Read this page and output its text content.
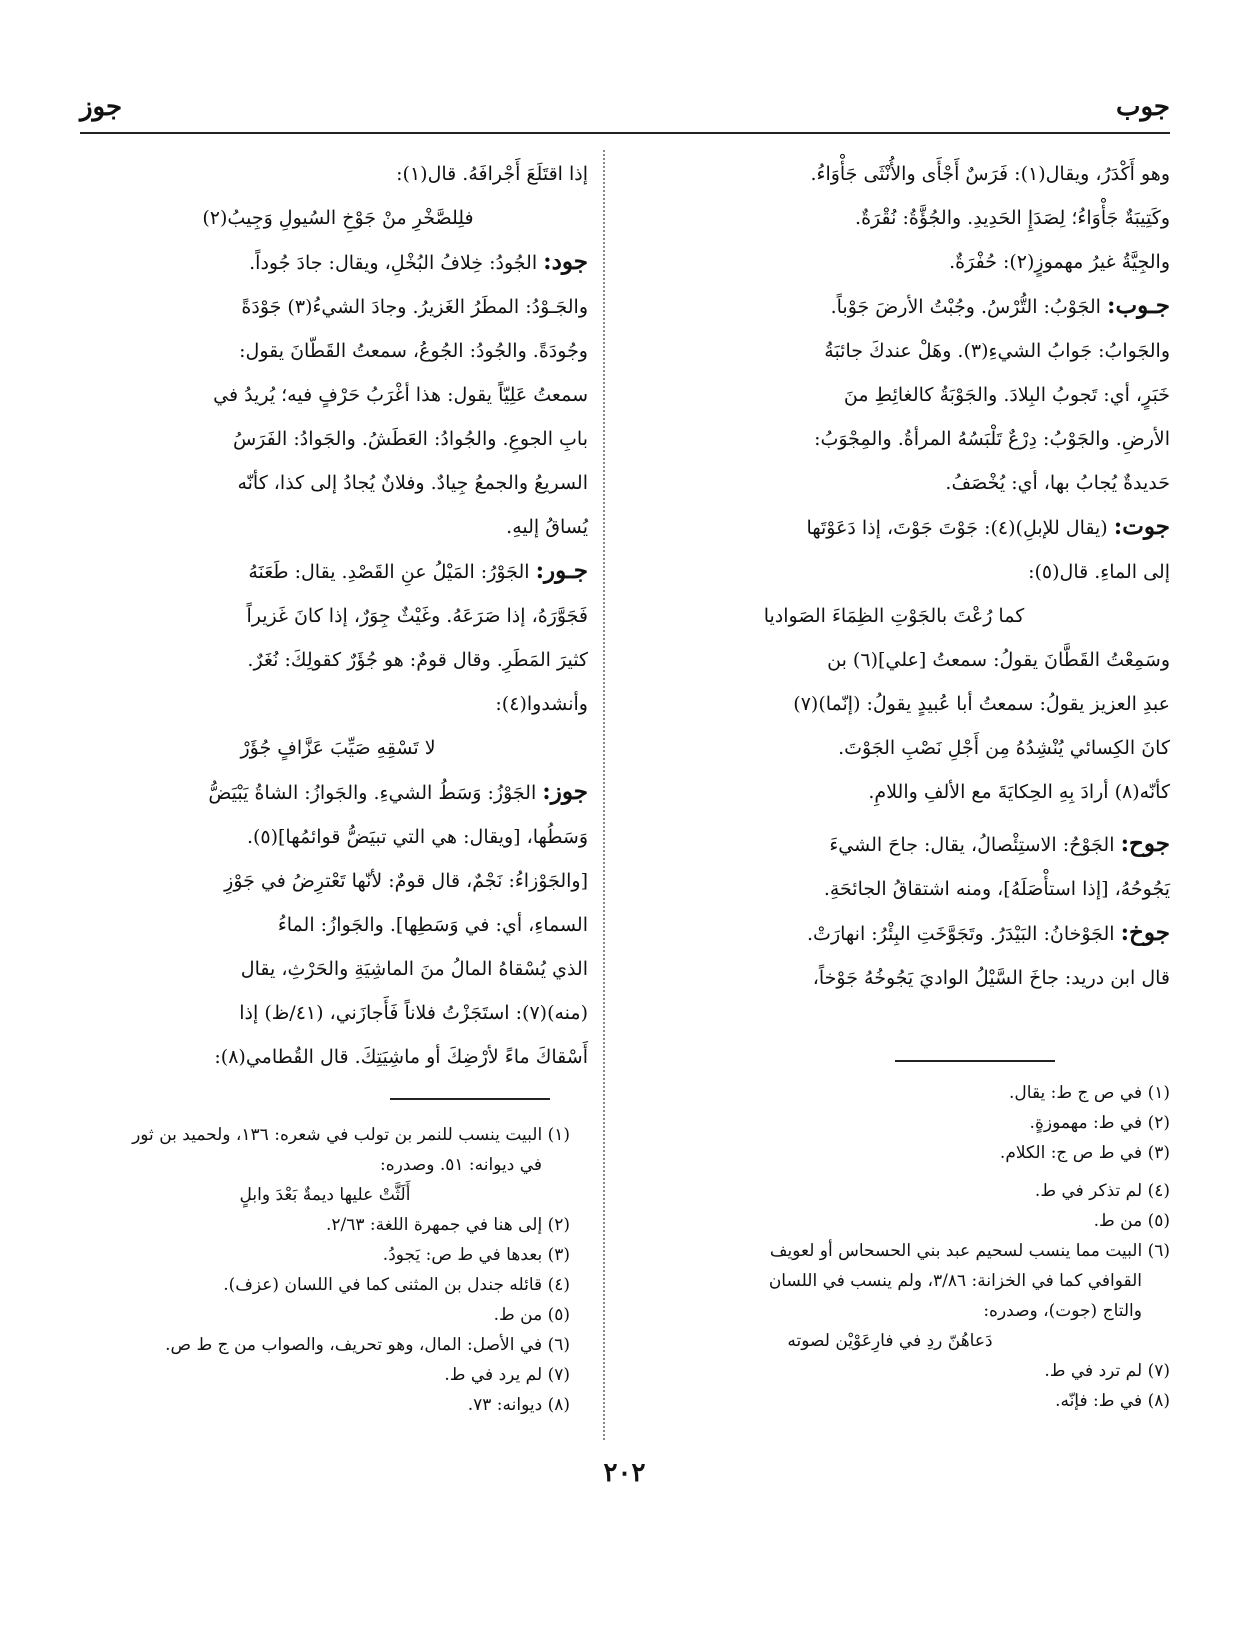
جوب
جوز

وهو أَكْدَرُ، ويقال(١): فَرَسٌ أَجْأَى والأُنْثَى جَأْوَاءُ.

وكَتِيبَةٌ جَأْوَاءُ؛ لِصَدَإِ الحَدِيدِ. والجُؤَّةُ: نُقْرَةٌ.

والجِيَّةُ غيرُ مهموزٍ(٢): حُفْرَةٌ.

جـوب: الجَوْبُ: التُّرْسُ. وجُبْتُ الأرضَ جَوْباً.

والجَوابُ: جَوابُ الشيءِ(٣). وهَلْ عندكَ جائبَةُ

خَبَرٍ، أي: تَجوبُ البِلادَ. والجَوْبَةُ كالغائِطِ منَ

الأرضِ. والجَوْبُ: دِرْعٌ تَلْبَسُهُ المرأةُ. والمِجْوَبُ:

حَديدةٌ يُجابُ بها، أي: يُخْصَفُ.

جوت: (يقال للإبلِ)(٤): جَوْتَ جَوْتَ، إذا دَعَوْتَها

إلى الماءِ. قال(٥):

كما رُعْتَ بالجَوْتِ الظِمَاءَ الصَواديا

وسَمِعْتُ القَطَّانَ يقولُ: سمعتُ [علي](٦) بن

عبدِ العزيز يقولُ: سمعتُ أبا عُبيدٍ يقولُ: (إنّما)(٧)

كانَ الكِسائي يُنْشِدُهُ مِن أَجْلِ نَصْبِ الجَوْتَ.

كأنّه(٨) أرادَ بِهِ الحِكايَةَ مع الألفِ واللامِ.

جوح: الجَوْحُ: الاستِئْصالُ، يقال: جاحَ الشيءَ

يَجُوحُهُ، [إذا استأْصَلَهُ]، ومنه اشتقاقُ الجائحَةِ.

جوخ: الجَوْخانُ: البَيْدَرُ. وتَجَوَّخَتِ البِئْرُ: انهارَتْ.

قال ابن دريد: جاخَ السَّيْلُ الواديَ يَجُوخُهُ جَوْخاً،

إذا اقتَلَعَ أَجْرافَهُ. قال(١):

فلِلصَّخْرِ منْ جَوْخِ السُيولِ وَجِيبُ(٢)

جود: الجُودُ: خِلافُ البُخْلِ، ويقال: جادَ جُوداً.

والجَـوْدُ: المطَرُ الغَزيرُ. وجادَ الشيءُ(٣) جَوْدَةً

وجُودَةً. والجُودُ: الجُوعُ، سمعتُ القَطّانَ يقول:

سمعتُ عَلِيّاً يقول: هذا أغْرَبُ حَرْفٍ فيه؛ يُريدُ في

بابِ الجوعِ. والجُوادُ: العَطَشُ. والجَوادُ: الفَرَسُ

السريعُ والجمعُ جِيادٌ. وفلانٌ يُجادُ إلى كذا، كأنّه

يُساقُ إليهِ.

جـور: الجَوْرُ: المَيْلُ عنِ القَصْدِ. يقال: طَعَنَهُ

فَجَوَّرَهُ، إذا صَرَعَهُ. وغَيْثٌ جِوَرٌ، إذا كانَ غَزيراً

كثيرَ المَطَرِ. وقال قومٌ: هو جُؤَرٌ كقولِكَ: نُغَرٌ.

وأنشدوا(٤):

لا تَسْقِهِ صَيِّبَ عَزَّافٍ جُؤَرْ

جوز: الجَوْزُ: وَسَطُ الشيءِ. والجَوازُ: الشاةُ يَبْيَضُّ

وَسَطُها، [ويقال: هي التي تبيَضُّ قوائمُها](٥).

[والجَوْزاءُ: نَجْمٌ، قال قومٌ: لأنّها تَعْترِضُ في جَوْزِ

السماءِ، أي: في وَسَطِها]. والجَوازُ: الماءُ

الذي يُسْقاهُ المالُ منَ الماشِيَةِ والحَرْثِ، يقال

(منه)(٧): استَجَزْتُ فلاناً فَأَجازَني، (٤١/ظ) إذا

أَسْقاكَ ماءً لأرْضِكَ أو ماشِيَتِكَ. قال القُطامي(٨):

(١) في ص ج ط: يقال.

(٢) في ط: مهموزةٍ.

(٣) في ط ص ج: الكلام.

(٤) لم تذكر في ط.

(٥) من ط.

(٦) البيت مما ينسب لسحيم عبد بني الحسحاس أو لعويف

القوافي كما في الخزانة: ٣/٨٦، ولم ينسب في اللسان

والتاج (جوت)، وصدره:

دَعاهُنّ ردِ في فارِعَوْيْن لصوته

(٧) لم ترد في ط.

(٨) في ط: فإنّه.

(١) البيت ينسب للنمر بن تولب في شعره: ١٣٦، ولحميد بن ثور

في ديوانه: ٥١. وصدره:

أَلَثَّتْ عليها ديمةٌ بَعْدَ وابلٍ

(٢) إلى هنا في جمهرة اللغة: ٢/٦٣.

(٣) بعدها في ط ص: يَجودُ.

(٤) قائله جندل بن المثنى كما في اللسان (عزف).

(٥) من ط.

(٦) في الأصل: المال، وهو تحريف، والصواب من ج ط ص.

(٧) لم يرد في ط.

(٨) ديوانه: ٧٣.

٢٠٢
